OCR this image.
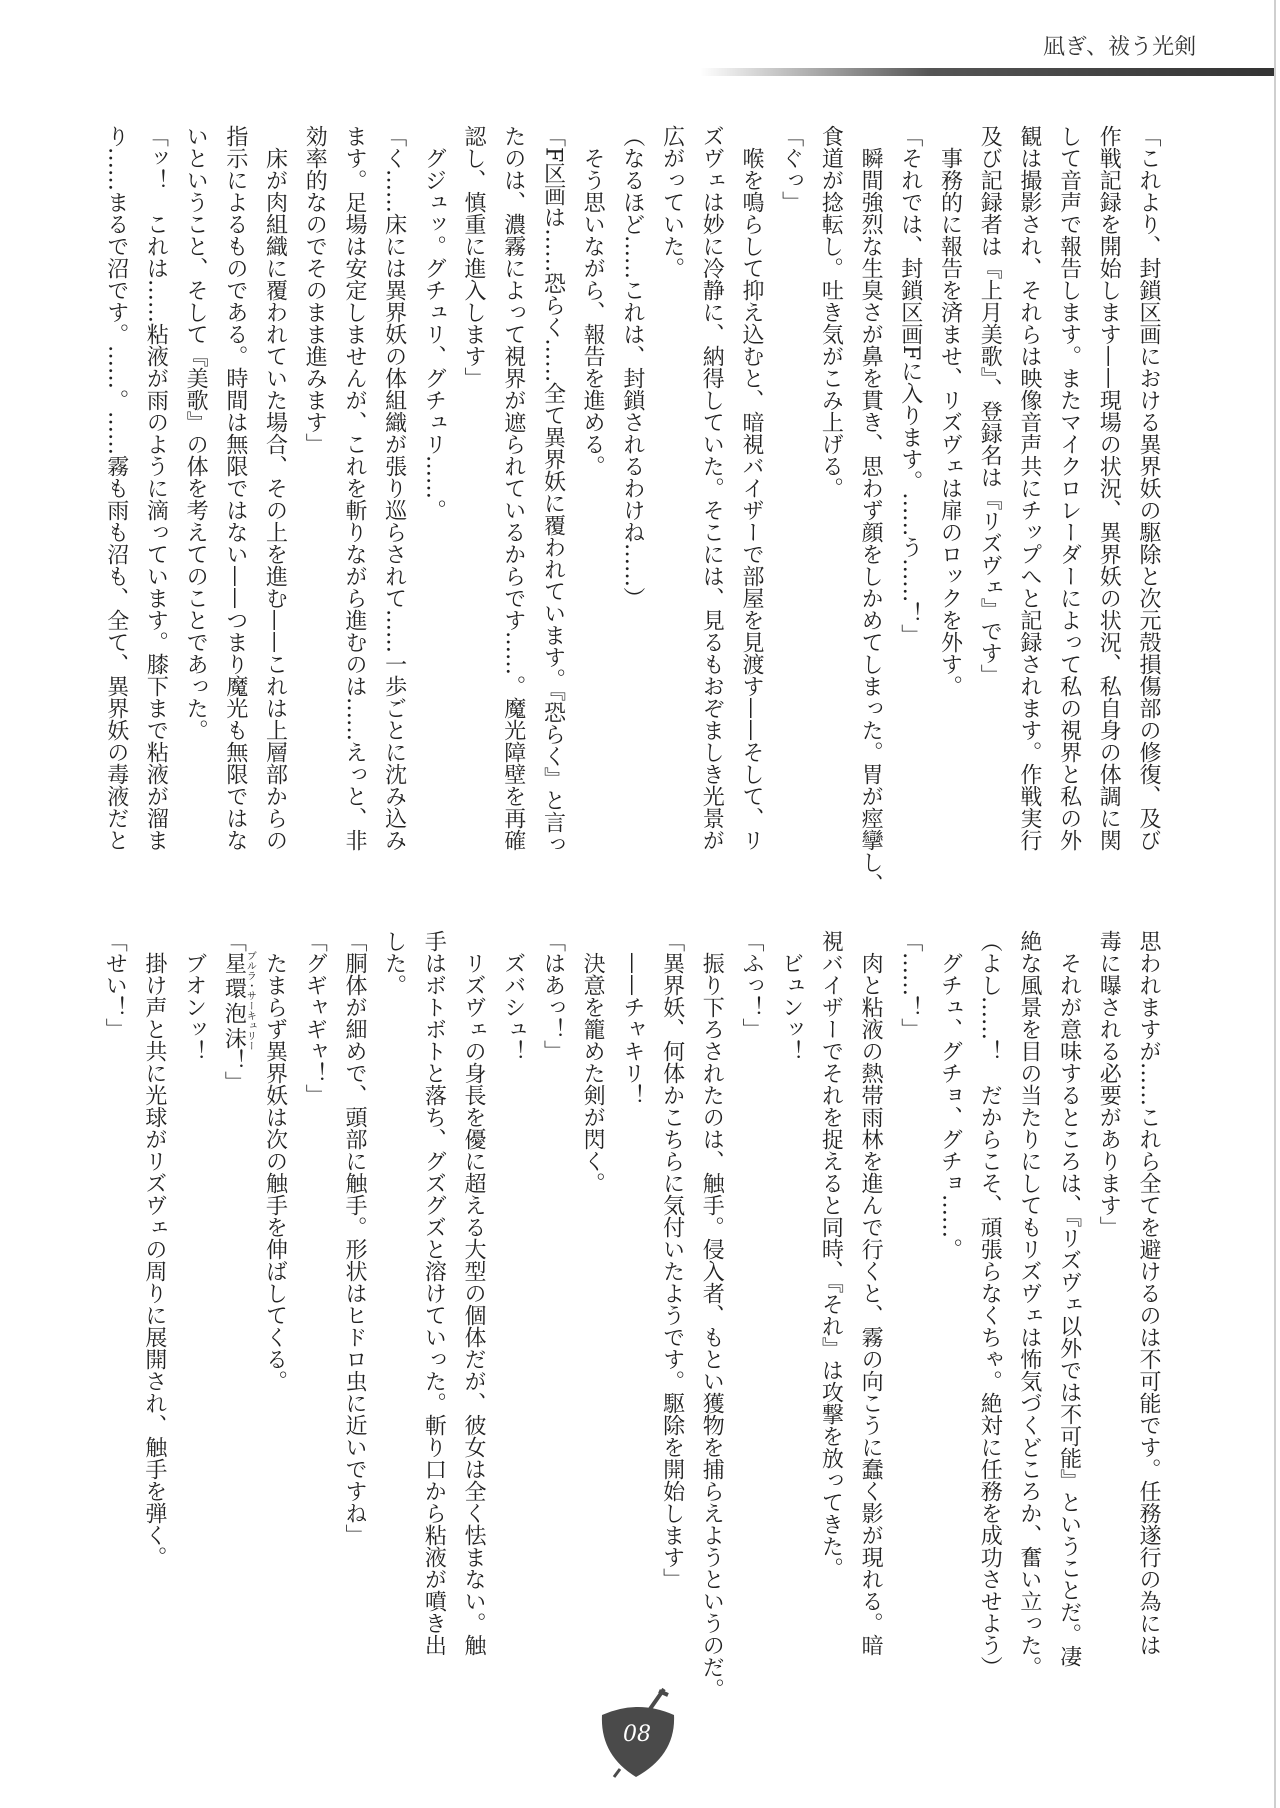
凪ぎ、祓う光剣
「これより、封鎖区画における異界妖の駆除と次元殻損傷部の修復、及び
作戦記録を開始します——現場の状況、異界妖の状況、私自身の体調に関
して音声で報告します。またマイクロレーダーによって私の視界と私の外
観は撮影され、それらは映像音声共にチップへと記録されます。作戦実行
及び記録者は『上月美歌』、登録名は『リズヴェ』です」
　事務的に報告を済ませ、リズヴェは扉のロックを外す。
「それでは、封鎖区画Fに入ります。……う……！」
　瞬間強烈な生臭さが鼻を貫き、思わず顔をしかめてしまった。胃が痙攣し、
食道が捻転し。吐き気がこみ上げる。
「ぐっ」
　喉を鳴らして抑え込むと、暗視バイザーで部屋を見渡す——そして、リ
ズヴェは妙に冷静に、納得していた。そこには、見るもおぞましき光景が
広がっていた。
（なるほど……これは、封鎖されるわけね……）
　そう思いながら、報告を進める。
「F区画は……恐らく……全て異界妖に覆われています。『恐らく』と言っ
たのは、濃霧によって視界が遮られているからです……。魔光障壁を再確
認し、慎重に進入します」
　グジュッ。グチュリ、グチュリ……。
「く……床には異界妖の体組織が張り巡らされて……一歩ごとに沈み込み
ます。足場は安定しませんが、これを斬りながら進むのは……えっと、非
効率的なのでそのまま進みます」
　床が肉組織に覆われていた場合、その上を進む——これは上層部からの
指示によるものである。時間は無限ではない——つまり魔光も無限ではな
いということ、そして『美歌』の体を考えてのことであった。
「ッ！　これは……粘液が雨のように滴っています。膝下まで粘液が溜ま
り……まるで沼です。……。……霧も雨も沼も、全て、異界妖の毒液だと
思われますが……これら全てを避けるのは不可能です。任務遂行の為には
毒に曝される必要があります」
　それが意味するところは、『リズヴェ以外では不可能』ということだ。凄
絶な風景を目の当たりにしてもリズヴェは怖気づくどころか、奮い立った。
（よし……！　だからこそ、頑張らなくちゃ。絶対に任務を成功させよう）
　グチュ、グチョ、グチョ……。
「……！」
　肉と粘液の熱帯雨林を進んで行くと、霧の向こうに蠢く影が現れる。暗
視バイザーでそれを捉えると同時、『それ』は攻撃を放ってきた。
　ビュンッ！
「ふっ！」
　振り下ろされたのは、触手。侵入者、もとい獲物を捕らえようというのだ。
「異界妖、何体かこちらに気付いたようです。駆除を開始します」
　——チャキリ！
　決意を籠めた剣が閃く。
「はあっ！」
　ズバシュ！
　リズヴェの身長を優に超える大型の個体だが、彼女は全く怯まない。触
手はボトボトと落ち、グズグズと溶けていった。斬り口から粘液が噴き出
した。
「胴体が細めで、頭部に触手。形状はヒドロ虫に近いですね」
「グギャギャ！」
　たまらず異界妖は次の触手を伸ばしてくる。
「星環泡沫ブルラ・サーキュリー！」
　ブオンッ！
　掛け声と共に光球がリズヴェの周りに展開され、触手を弾く。
「せい！」
08
